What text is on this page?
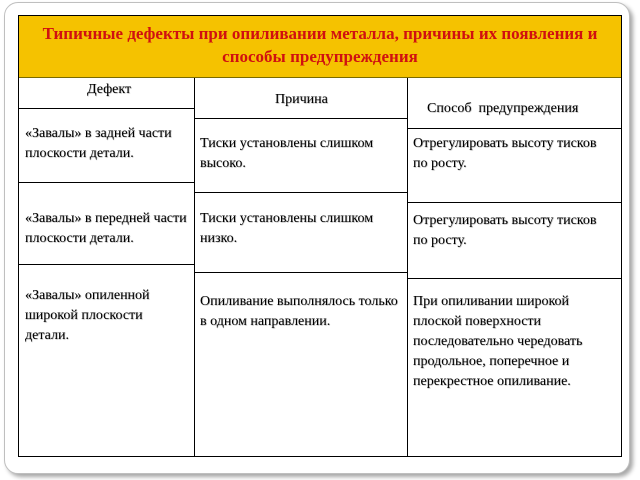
Типичные дефекты при опиливании металла, причины их появления и способы предупреждения
Дефект
Причина
Способ  предупреждения
«Завалы» в задней части плоскости детали.
Тиски установлены слишком высоко.
Отрегулировать высоту тисков по росту.
«Завалы» в передней части плоскости детали.
Тиски установлены слишком низко.
Отрегулировать высоту тисков по росту.
«Завалы» опиленной широкой плоскости детали.
Опиливание выполнялось только в одном направлении.
При опиливании широкой плоской поверхности последовательно чередовать продольное, поперечное и перекрестное опиливание.
